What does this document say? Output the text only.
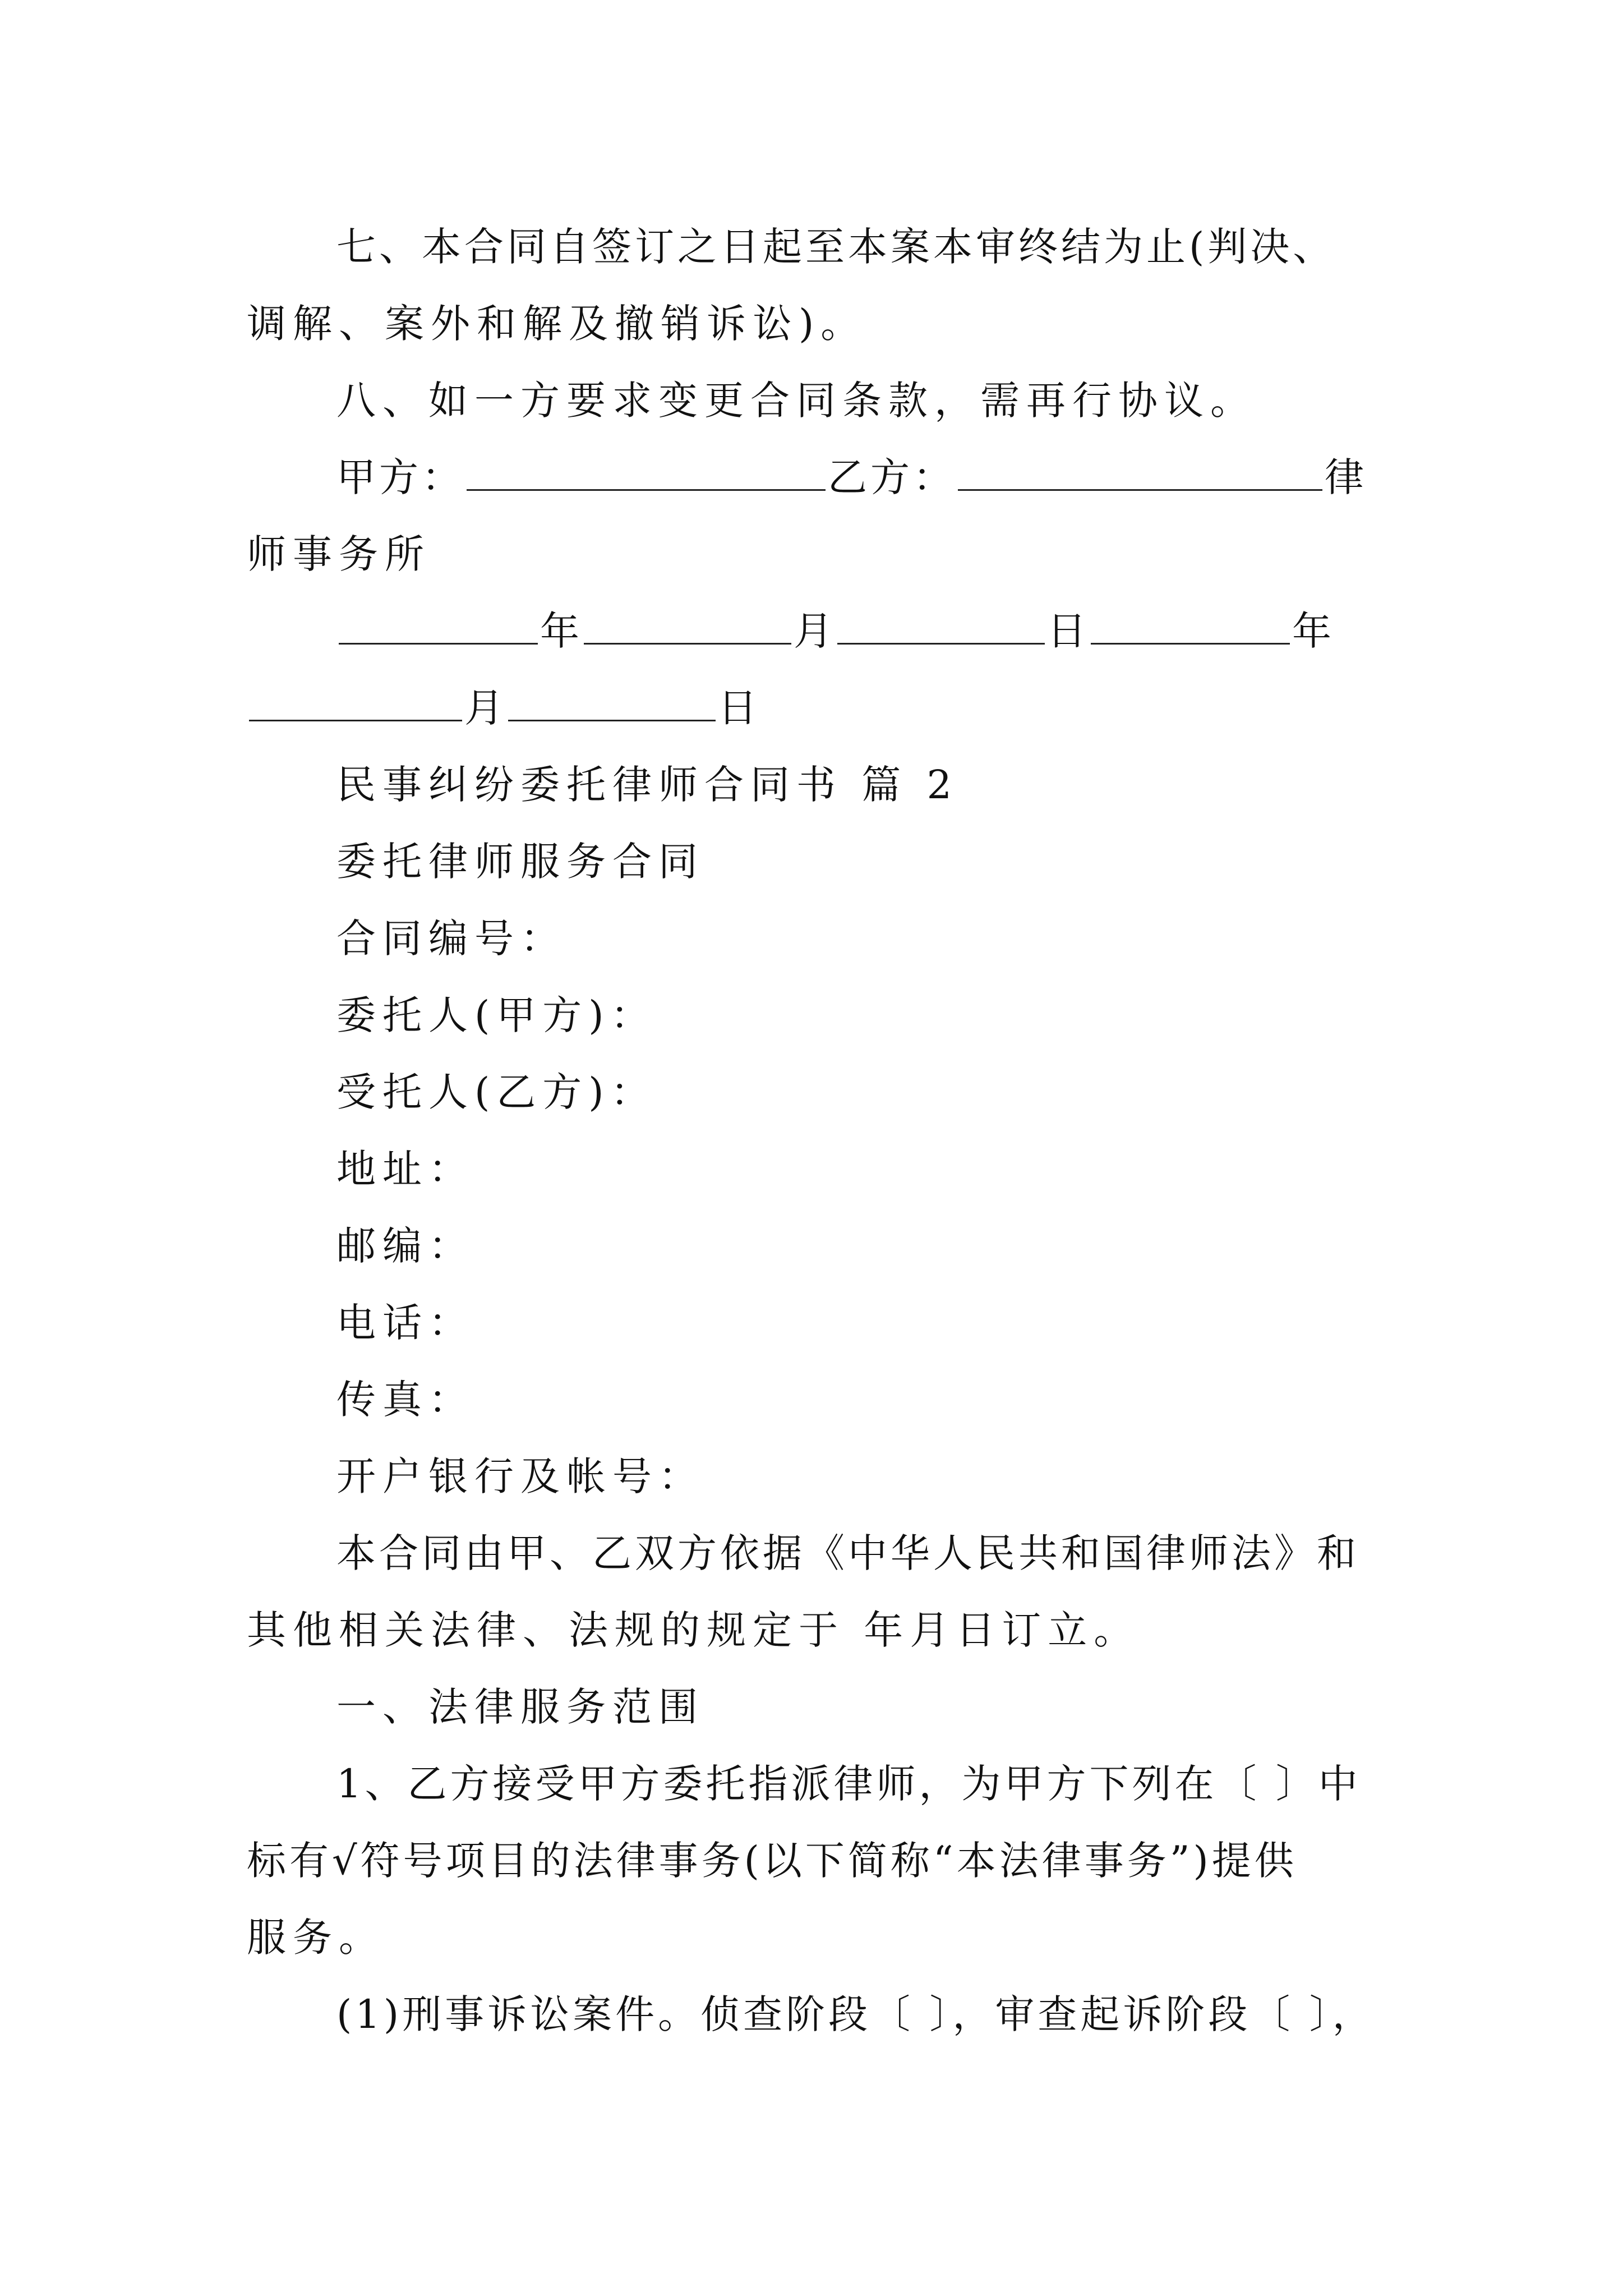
七、本合同自签订之日起至本案本审终结为止(判决、
调解、案外和解及撤销诉讼)。
八、如一方要求变更合同条款，需再行协议。
甲方：	乙方：	律
师事务所
年	月	日	年
月	日
民事纠纷委托律师合同书 篇 2
委托律师服务合同
合同编号：
委托人(甲方)：
受托人(乙方)：
地址：
邮编：
电话：
传真：
开户银行及帐号：
本合同由甲、乙双方依据《中华人民共和国律师法》和
其他相关法律、法规的规定于 年月日订立。
一、法律服务范围
1、乙方接受甲方委托指派律师，为甲方下列在〔 〕中
标有√符号项目的法律事务(以下简称“本法律事务”)提供
服务。
(1)刑事诉讼案件。侦查阶段〔 〕，审查起诉阶段〔 〕，
